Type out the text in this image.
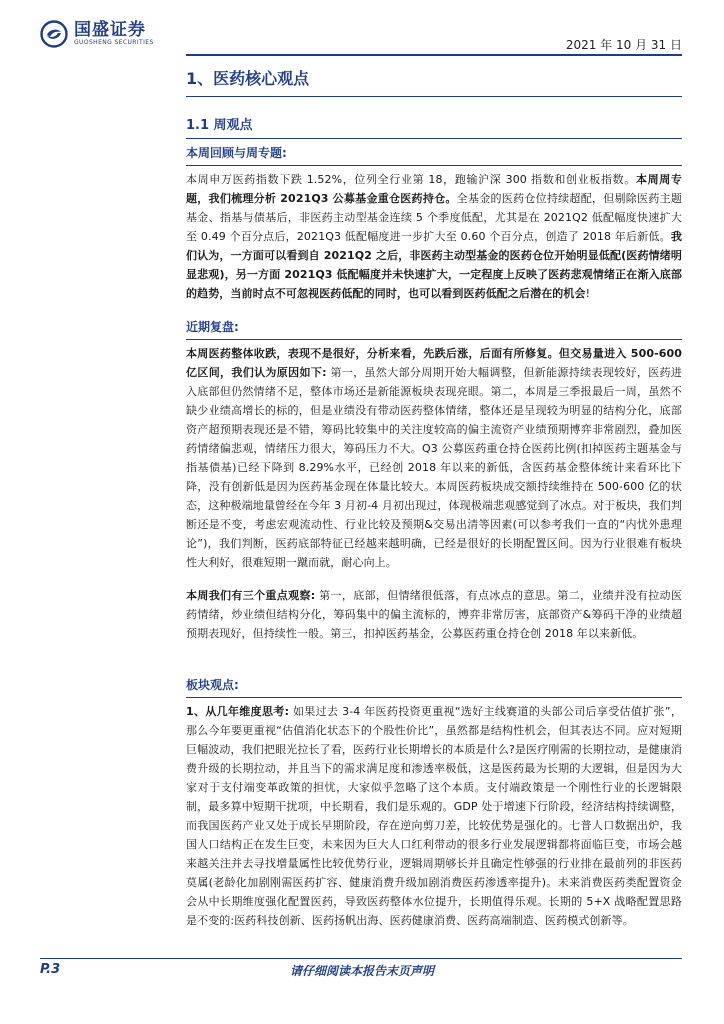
国盛证券
GUOSHENG SECURITIES	2021 年 10 月 31 日
1、医药核心观点
1.1 周观点
本周回顾与周专题:
本周申万医药指数下跌 1.52%，位列全行业第 18，跑输沪深 300 指数和创业板指数。本周周专题，我们梳理分析 2021Q3 公募基金重仓医药持仓。全基金的医药仓位持续超配，但剔除医药主题基金、指基与债基后，非医药主动型基金连续 5 个季度低配，尤其是在 2021Q2 低配幅度快速扩大至 0.49 个百分点后，2021Q3 低配幅度进一步扩大至 0.60 个百分点，创造了 2018 年后新低。我们认为，一方面可以看到自 2021Q2 之后，非医药主动型基金的医药仓位开始明显低配(医药情绪明显悲观)，另一方面 2021Q3 低配幅度并未快速扩大，一定程度上反映了医药悲观情绪正在渐入底部的趋势，当前时点不可忽视医药低配的同时，也可以看到医药低配之后潜在的机会!
近期复盘:
本周医药整体收跌，表现不是很好，分析来看，先跌后涨，后面有所修复。但交易量进入 500-600 亿区间，我们认为原因如下: 第一，虽然大部分周期开始大幅调整，但新能源持续表现较好，医药进入底部但仍然情绪不足，整体市场还是新能源板块表现亮眼。第二，本周是三季报最后一周，虽然不缺少业绩高增长的标的，但是业绩没有带动医药整体情绪，整体还是呈现较为明显的结构分化，底部资产超预期表现还是不错，筹码比较集中的关注度较高的偏主流资产业绩预期博弈非常剧烈，叠加医药情绪偏悲观，情绪压力很大，筹码压力不大。Q3 公募医药重仓持仓医药比例(扣掉医药主题基金与指基债基)已经下降到 8.29%水平，已经创 2018 年以来的新低，含医药基金整体统计来看环比下降，没有创新低是因为医药基金现在体量比较大。本周医药板块成交额持续维持在 500-600 亿的状态，这种极端地量曾经在今年 3 月初-4 月初出现过，体现极端悲观感觉到了冰点。对于板块，我们判断还是不变，考虑宏观流动性、行业比较及预期&交易出清等因素(可以参考我们一直的“内忧外患理论”)，我们判断，医药底部特征已经越来越明确，已经是很好的长期配置区间。因为行业很难有板块性大利好，很难短期一蹴而就，耐心向上。
本周我们有三个重点观察: 第一，底部，但情绪很低落，有点冰点的意思。第二，业绩并没有拉动医药情绪，炒业绩但结构分化，筹码集中的偏主流标的，博弈非常厉害，底部资产&筹码干净的业绩超预期表现好，但持续性一般。第三，扣掉医药基金，公募医药重仓持仓创 2018 年以来新低。
板块观点:
1、从几年维度思考: 如果过去 3-4 年医药投资更重视“选好主线赛道的头部公司后享受估值扩张”，那么今年要更重视“估值消化状态下的个股性价比”，虽然都是结构性机会，但其表达不同。应对短期巨幅波动，我们把眼光拉长了看，医药行业长期增长的本质是什么?是医疗刚需的长期拉动，是健康消费升级的长期拉动，并且当下的需求满足度和渗透率极低，这是医药最为长期的大逻辑，但是因为大家对于支付端变革政策的担忧，大家似乎忽略了这个本质。支付端政策是一个刚性行业的长逻辑限制，最多算中短期干扰项，中长期看，我们是乐观的。GDP 处于增速下行阶段，经济结构持续调整，而我国医药产业又处于成长早期阶段，存在逆向剪刀差，比较优势是强化的。七普人口数据出炉，我国人口结构正在发生巨变，未来因为巨大人口红利带动的很多行业发展逻辑都将面临巨变，市场会越来越关注并去寻找增量属性比较优势行业，逻辑周期够长并且确定性够强的行业排在最前列的非医药莫属(老龄化加剧刚需医药扩容、健康消费升级加剧消费医药渗透率提升)。未来消费医药类配置资金会从中长期维度强化配置医药，导致医药整体水位提升，长期值得乐观。长期的 5+X 战略配置思路是不变的:医药科技创新、医药扬帆出海、医药健康消费、医药高端制造、医药模式创新等。
P.3	请仔细阅读本报告末页声明
